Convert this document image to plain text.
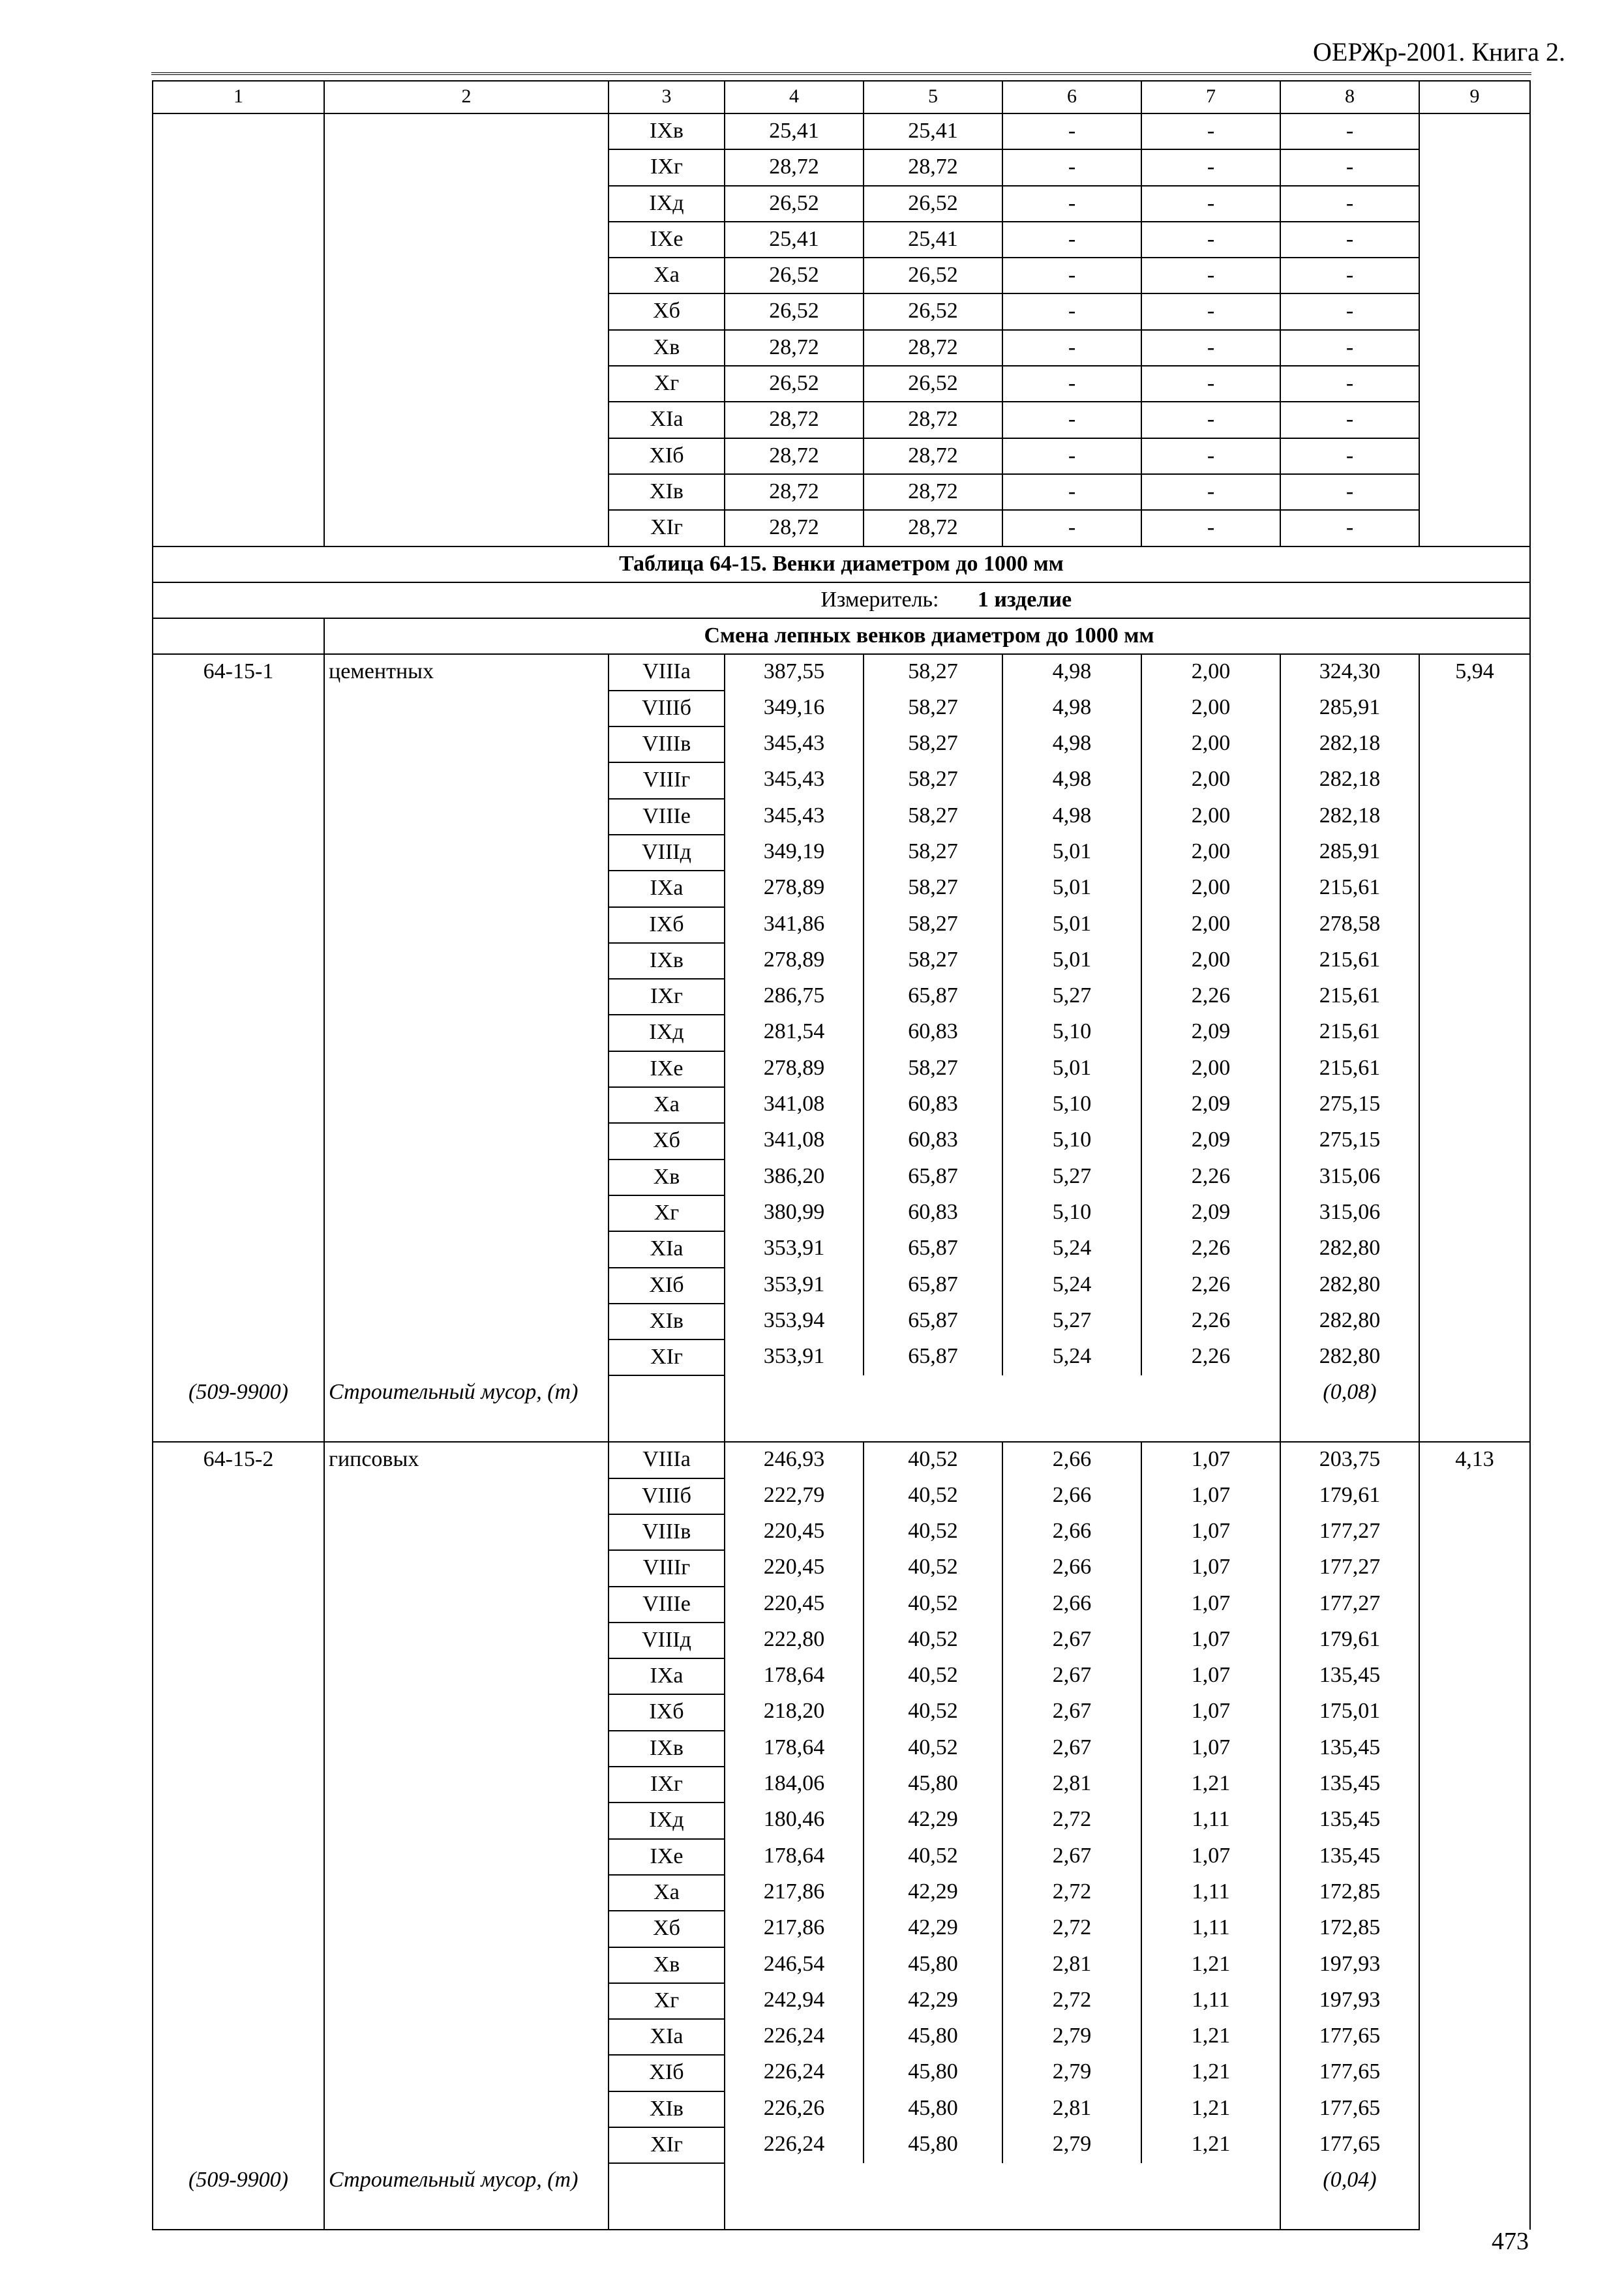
ОЕРЖр-2001. Книга 2.
1	2	3	4	5	6	7	8	9
		IXв	25,41	25,41	-	-	-	
		IXг	28,72	28,72	-	-	-	
		IXд	26,52	26,52	-	-	-	
		IXе	25,41	25,41	-	-	-	
		Xа	26,52	26,52	-	-	-	
		Xб	26,52	26,52	-	-	-	
		Xв	28,72	28,72	-	-	-	
		Xг	26,52	26,52	-	-	-	
		XIа	28,72	28,72	-	-	-	
		XIб	28,72	28,72	-	-	-	
		XIв	28,72	28,72	-	-	-	
		XIг	28,72	28,72	-	-	-	
Таблица 64-15. Венки диаметром до 1000 мм								
	Измеритель: 1 изделие							
	Смена лепных венков диаметром до 1000 мм							
64-15-1	цементных	VIIIа	387,55	58,27	4,98	2,00	324,30	5,94
		VIIIб	349,16	58,27	4,98	2,00	285,91	
		VIIIв	345,43	58,27	4,98	2,00	282,18	
		VIIIг	345,43	58,27	4,98	2,00	282,18	
		VIIIе	345,43	58,27	4,98	2,00	282,18	
		VIIIд	349,19	58,27	5,01	2,00	285,91	
		IXа	278,89	58,27	5,01	2,00	215,61	
		IXб	341,86	58,27	5,01	2,00	278,58	
		IXв	278,89	58,27	5,01	2,00	215,61	
		IXг	286,75	65,87	5,27	2,26	215,61	
		IXд	281,54	60,83	5,10	2,09	215,61	
		IXе	278,89	58,27	5,01	2,00	215,61	
		Xа	341,08	60,83	5,10	2,09	275,15	
		Xб	341,08	60,83	5,10	2,09	275,15	
		Xв	386,20	65,87	5,27	2,26	315,06	
		Xг	380,99	60,83	5,10	2,09	315,06	
		XIа	353,91	65,87	5,24	2,26	282,80	
		XIб	353,91	65,87	5,24	2,26	282,80	
		XIв	353,94	65,87	5,27	2,26	282,80	
		XIг	353,91	65,87	5,24	2,26	282,80	
(509-9900)	Строительный мусор, (т)						(0,08)	
64-15-2	гипсовых	VIIIа	246,93	40,52	2,66	1,07	203,75	4,13
		VIIIб	222,79	40,52	2,66	1,07	179,61	
		VIIIв	220,45	40,52	2,66	1,07	177,27	
		VIIIг	220,45	40,52	2,66	1,07	177,27	
		VIIIе	220,45	40,52	2,66	1,07	177,27	
		VIIIд	222,80	40,52	2,67	1,07	179,61	
		IXа	178,64	40,52	2,67	1,07	135,45	
		IXб	218,20	40,52	2,67	1,07	175,01	
		IXв	178,64	40,52	2,67	1,07	135,45	
		IXг	184,06	45,80	2,81	1,21	135,45	
		IXд	180,46	42,29	2,72	1,11	135,45	
		IXе	178,64	40,52	2,67	1,07	135,45	
		Xа	217,86	42,29	2,72	1,11	172,85	
		Xб	217,86	42,29	2,72	1,11	172,85	
		Xв	246,54	45,80	2,81	1,21	197,93	
		Xг	242,94	42,29	2,72	1,11	197,93	
		XIа	226,24	45,80	2,79	1,21	177,65	
		XIб	226,24	45,80	2,79	1,21	177,65	
		XIв	226,26	45,80	2,81	1,21	177,65	
		XIг	226,24	45,80	2,79	1,21	177,65	
(509-9900)	Строительный мусор, (т)						(0,04)	
473
